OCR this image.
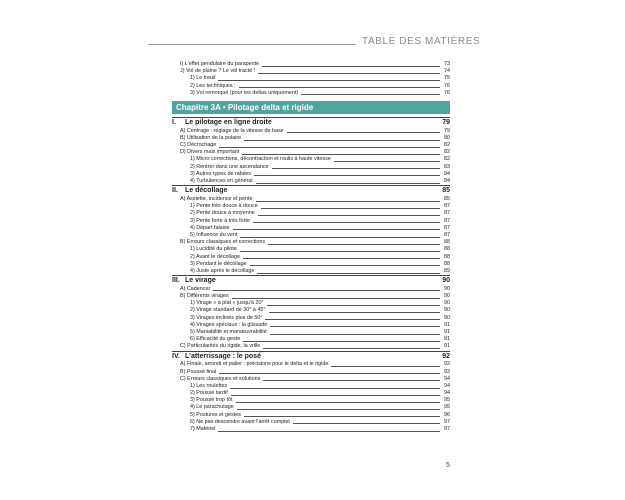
TABLE DES MATIÈRES
I) L'effet pendulaire du parapente	73
J) Vol de plaine ? Le vol tracté !	74
1) Le treuil	75
2) Les techniques :	76
3) Vol remorqué (pour les deltas uniquement)	76
Chapitre 3A • Pilotage delta et rigide
I. Le pilotage en ligne droite	79
A) Centrage : réglage de la vitesse de base	79
B) Utilisation de la polaire	80
C) Décrochage	82
D) Divers mais important	82
1) Micro corrections, décontraction et roulis à haute vitesse	82
2) Rentrer dans une ascendance	83
3) Autres types de rafales	84
4) Turbulences en général	84
II. Le décollage	85
A) Assiette, incidence et pente	85
1) Pente très douce à douce	87
2) Pente douce à moyenne	87
3) Pente forte à très forte	87
4) Départ falaise	87
5) Influence du vent	87
B) Erreurs classiques et corrections	88
1) Lucidité du pilote	88
2) Avant le décollage	88
3) Pendant le décollage	88
4) Juste après le décollage	89
III. Le virage	90
A) Cadencer	90
B) Différents virages	90
1) Virage « à plat » jusqu'à 20°	90
2) Virage standard de 30° à 45°	90
3) Virages inclinés plus de 50°	90
4) Virages spéciaux : la glissade	91
5) Maniabilité et manœuvrabilité	91
6) Efficacité du geste	91
C) Particularités du rigide, la vrille	91
IV. L'atterrissage : le posé	92
A) Finale, arrondi et palier : précisions pour le delta et le rigide	92
B) Poussé final	93
C) Erreurs classiques et solutions	94
1) Les roulettes	94
2) Poussé tardif	94
3) Poussé trop tôt	95
4) Le parachutage	95
5) Postures et gestes	96
6) Ne pas descendre avant l'arrêt complet	97
7) Matériel	97
5
